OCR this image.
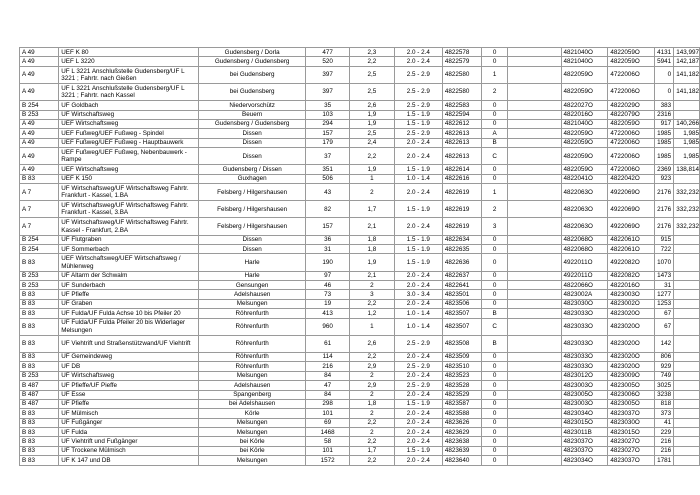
A 49	UEF K 80	Gudensberg / Dorla	477	2,3	2.0 - 2.4	4822578	0		4821040O	4822059O	4131	143,997
A 49	UEF L 3220	Gudensberg / Gudensberg	520	2,2	2.0 - 2.4	4822579	0		4821040O	4822059O	5941	142,187
A 49	UF L 3221 Anschlußstelle Gudensberg/UF L 3221 ; Fahrtr. nach Gießen	bei Gudensberg	397	2,5	2.5 - 2.9	4822580	1		4822059O	4722006O	0	141,182
A 49	UF L 3221 Anschlußstelle Gudensberg/UF L 3221 ; Fahrtr. nach Kassel	bei Gudensberg	397	2,5	2.5 - 2.9	4822580	2		4822059O	4722006O	0	141,182
B 254	UF Goldbach	Niedervorschütz	35	2,6	2.5 - 2.9	4822583	0		4822027O	4822029O	383	
B 253	UF Wirtschaftsweg	Beuern	103	1,9	1.5 - 1.9	4822594	0		4822016O	4822079O	2316	
A 49	UEF Wirtschaftsweg	Gudensberg / Gudensberg	294	1,9	1.5 - 1.9	4822612	0		4821040O	4822059O	917	140,266
A 49	UEF Fußweg/UEF Fußweg - Spindel	Dissen	157	2,5	2.5 - 2.9	4822613	A		4822059O	4722006O	1985	1,985
A 49	UEF Fußweg/UEF Fußweg - Hauptbauwerk	Dissen	179	2,4	2.0 - 2.4	4822613	B		4822059O	4722006O	1985	1,985
A 49	UEF Fußweg/UEF Fußweg, Nebenbauwerk - Rampe	Dissen	37	2,2	2.0 - 2.4	4822613	C		4822059O	4722006O	1985	1,985
A 49	UEF Wirtschaftsweg	Gudensberg / Dissen	351	1,9	1.5 - 1.9	4822614	0		4822059O	4722006O	2369	138,814
B 83	UEF K 150	Guxhagen	506	1	1.0 - 1.4	4822616	0		4822041O	4822042O	923	
A 7	UF Wirtschaftsweg/UF Wirtschaftsweg Fahrtr. Frankfurt - Kassel, 1.BA	Felsberg / Hilgershausen	43	2	2.0 - 2.4	4822619	1		4822063O	4922069O	2176	332,232
A 7	UF Wirtschaftsweg/UF Wirtschaftsweg Fahrtr. Frankfurt - Kassel, 3.BA	Felsberg / Hilgershausen	82	1,7	1.5 - 1.9	4822619	2		4822063O	4922069O	2176	332,232
A 7	UF Wirtschaftsweg/UF Wirtschaftsweg Fahrtr. Kassel - Frankfurt, 2.BA	Felsberg / Hilgershausen	157	2,1	2.0 - 2.4	4822619	3		4822063O	4922069O	2176	332,232
B 254	UF Flutgraben	Dissen	36	1,8	1.5 - 1.9	4822634	0		4822068O	4822061O	915	
B 254	UF Sommerbach	Dissen	31	1,8	1.5 - 1.9	4822635	0		4822068O	4822061O	722	
B 83	UEF Wirtschaftsweg/UEF Wirtschaftsweg / Mühlenweg	Harle	190	1,9	1.5 - 1.9	4822636	0		4922011O	4922082O	1070	
B 253	UF Altarm der Schwalm	Harle	97	2,1	2.0 - 2.4	4822637	0		4922011O	4822082O	1473	
B 253	UF Sunderbach	Gensungen	46	2	2.0 - 2.4	4822641	0		4822066O	4822016O	31	
B 83	UF Pfieffe	Adelshausen	73	3	3.0 - 3.4	4823501	0		4823002A	4823003O	1277	
B 83	UF Graben	Melsungen	19	2,2	2.0 - 2.4	4823506	0		4823030O	4823002O	1253	
B 83	UF Fulda/UF Fulda Achse 10 bis Pfeiler 20	Röhrenfurth	413	1,2	1.0 - 1.4	4823507	B		4823033O	4823020O	67	
B 83	UF Fulda/UF Fulda Pfeiler 20 bis Widerlager Melsungen	Röhrenfurth	960	1	1.0 - 1.4	4823507	C		4823033O	4823020O	67	
B 83	UF Viehtrift und Straßenstützwand/UF Viehtrift	Röhrenfurth	61	2,6	2.5 - 2.9	4823508	B		4823033O	4823020O	142	
B 83	UF Gemeindeweg	Röhrenfurth	114	2,2	2.0 - 2.4	4823509	0		4823033O	4823020O	806	
B 83	UF DB	Röhrenfurth	216	2,9	2.5 - 2.9	4823510	0		4823033O	4823020O	929	
B 253	UF Wirtschaftsweg	Melsungen	84	2	2.0 - 2.4	4823523	0		4823012O	4823009O	749	
B 487	UF Pfieffe/UF Pieffe	Adelshausen	47	2,9	2.5 - 2.9	4823528	0		4823003O	4823005O	3025	
B 487	UF Esse	Spangenberg	84	2	2.0 - 2.4	4823529	0		4823005O	4823006O	3238	
B 487	UF Pfieffe	bei Adelshausen	298	1,8	1.5 - 1.9	4823587	0		4823003O	4823005O	818	
B 83	UF Mülmisch	Körle	101	2	2.0 - 2.4	4823588	0		4823034O	4823037O	373	
B 83	UF Fußgänger	Melsungen	69	2,2	2.0 - 2.4	4823626	0		4823015O	4823030O	41	
B 83	UF Fulda	Melsungen	1468	2	2.0 - 2.4	4823629	0		4823011B	4823015O	229	
B 83	UF Viehtrift und Fußgänger	bei Körle	58	2,2	2.0 - 2.4	4823638	0		4823037O	4823027O	216	
B 83	UF Trockene Mülmisch	bei Körle	101	1,7	1.5 - 1.9	4823639	0		4823037O	4823027O	216	
B 83	UF K 147 und DB	Melsungen	1572	2,2	2.0 - 2.4	4823640	0		4823034O	4823037O	1781	
